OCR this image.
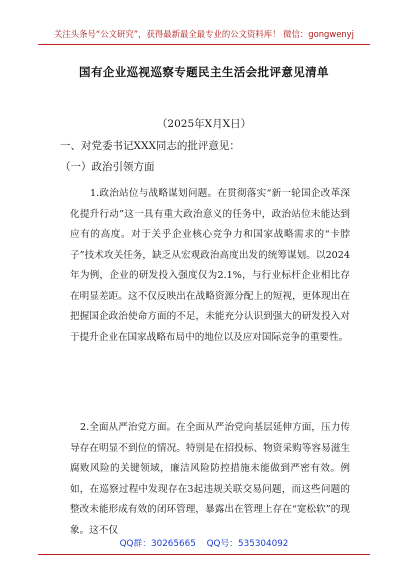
关注头条号“公文研究”，获得最新最全最专业的公文资料库！ 微信：gongwenyj
国有企业巡视巡察专题民主生活会批评意见清单
（2025年X月X日）
一、对党委书记XXX同志的批评意见：
（一）政治引领方面

1.政治站位与战略谋划问题。在贯彻落实“新一轮国企改革深化提升行动”这一具有重大政治意义的任务中，政治站位未能达到应有的高度。对于关乎企业核心竞争力和国家战略需求的“卡脖子”技术攻关任务，缺乏从宏观政治高度出发的统筹谋划。以2024年为例，企业的研发投入强度仅为2.1%，与行业标杆企业相比存在明显差距。这不仅反映出在战略资源分配上的短视，更体现出在把握国企政治使命方面的不足，未能充分认识到强大的研发投入对于提升企业在国家战略布局中的地位以及应对国际竞争的重要性。

2.全面从严治党方面。在全面从严治党向基层延伸方面，压力传导存在明显不到位的情况。特别是在招投标、物资采购等容易滋生腐败风险的关键领域，廉洁风险防控措施未能做到严密有效。例如，在巡察过程中发现存在3起违规关联交易问题，而这些问题的整改未能形成有效的闭环管理，暴露出在管理上存在“宽松软”的现象。这不仅

QQ群：30265665 QQ号：535304092
